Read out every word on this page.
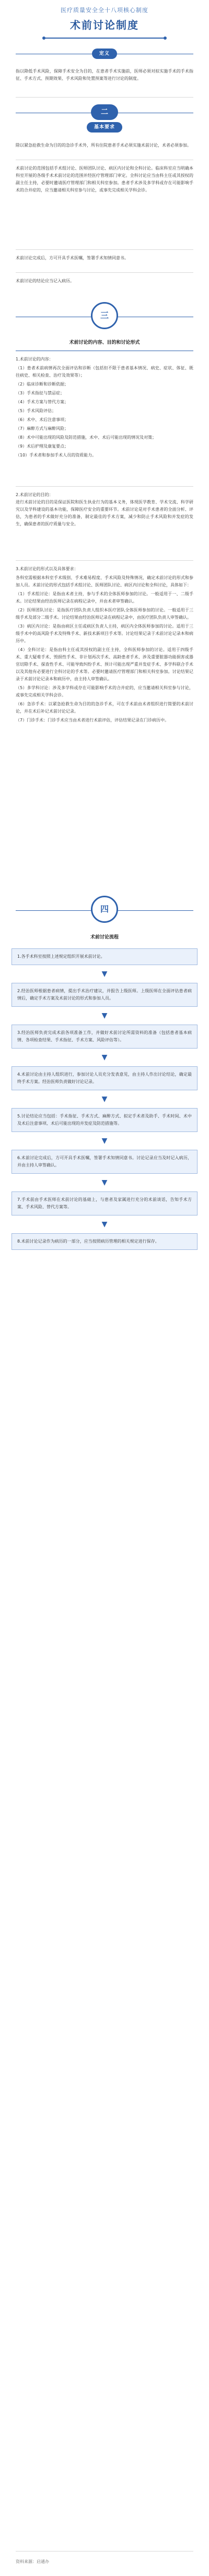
医疗质量安全全十八项核心制度
术前讨论制度
定义
指以降低手术风险，保障手术安全为目的，在患者手术实施前，医师必须对拟实施手术的手术指征、手术方式、预期效果、手术风险和处置预案等进行讨论的制度。
二
基本要求
除以紧急抢救生命为目的的急诊手术外，所有住院患者手术必须实施术前讨论，术者必须参加。
术前讨论的范围包括手术组讨论、医师团队讨论、病区内讨论和全科讨论。临床科室应当明确本科室开展的各级手术术前讨论的范围并经医疗管理部门审定。全科讨论应当由科主任或其授权的副主任主持，必要时邀请医疗管理部门和相关科室参加。患者手术涉及多学科或存在可能影响手术的合并症的，应当邀请相关科室参与讨论，或事先完成相关学科会诊。
术前讨论完成后，方可开具手术医嘱，签署手术知情同意书。
术前讨论的结论应当记入病历。
三
术前讨论的内容、目的和讨论形式

1.术前讨论的内容：

（1）患者术前病情再次全面评估和诊断（包括但不限于患者基本情况、病史、症状、体征、既往病史、相关检查、治疗及效果等）；

（2）临床诊断和诊断依据；

（3）手术指征与禁忌症；

（4）手术方案与替代方案；

（5）手术风险评估；

（6）术中、术后注意事项；

（7）麻醉方式与麻醉风险；

（8）术中可能出现的风险及防范措施，术中、术后可能出现的情况及对策；

（9）术后护理及康复要点；

（10）手术者和参加手术人员的资质能力。

2.术前讨论的目的：

进行术前讨论的目的是保证医院和医生执业行为的基本义务，体现医学教育、学术交流、科学研究以及学科建设的基本功能，保障医疗安全的重要环节。术前讨论是对手术患者的全面分析、评估，为患者的手术做好充分的准备，制定最佳的手术方案，减少和防止手术风险和并发症的发生，确保患者的医疗质量与安全。

3.术前讨论的形式以及具体要求：

各科室需根据本科室手术级别、手术难易程度、手术风险及特殊情况，确定术前讨论的形式和参加人员。术前讨论的形式包括手术组讨论、医师团队讨论、病区内讨论和全科讨论，具体如下：

（1）手术组讨论：是指由术者主持，参与手术的全体医师参加的讨论。一般适用于一、二级手术。讨论结果由经治医师记录在病程记录中，并由术者审签确认。

（2）医师团队讨论：是指医疗团队负责人组织本医疗团队全体医师参加的讨论。一般适用于三级手术及部分二级手术。讨论结果由经治医师记录在病程记录中，由医疗团队负责人审签确认。

（3）病区内讨论：是指由病区主任或病区负责人主持，病区内全体医师参加的讨论。适用于三级手术中的高风险手术及特殊手术、新技术新项目手术等。讨论结果记录于术前讨论记录本和病历中。

（4）全科讨论：是指由科主任或其授权的副主任主持，全科医师参加的讨论。适用于四级手术、重大疑难手术、毁损性手术、非计划再次手术、高龄患者手术、涉及重要脏器功能损害或器官切除手术、探查性手术、可能导致纠纷手术、预计可能出现严重并发症手术、多学科联合手术以及其他有必要进行全科讨论的手术等。必要时邀请医疗管理部门和相关科室参加。讨论结果记录于术前讨论记录本和病历中，由主持人审签确认。

（5）多学科讨论：涉及多学科或存在可能影响手术的合并症的，应当邀请相关科室参与讨论，或事先完成相关学科会诊。

（6）急诊手术：以紧急抢救生命为目的的急诊手术，可在手术前由术者组织进行简要的术前讨论，并在术后补记术前讨论记录。

（7）门诊手术：门诊手术应当由术者进行术前评估，评估结果记录在门诊病历中。

四
术前讨论流程
1.各手术科室按照上述规定组织开展术前讨论。
▼
2.经治医师根据患者病情，提出手术治疗建议，并报告上级医师。上级医师在全面评估患者病情后，确定手术方案及术前讨论的形式和参加人员。
▼
3.经治医师负责完成术前各项准备工作，并做好术前讨论所需资料的准备（包括患者基本病情、各项检查结果、手术指征、手术方案、风险评估等）。
▼
4.术前讨论由主持人组织进行，参加讨论人员充分发表意见，由主持人作出讨论结论，确定最终手术方案。经治医师负责做好讨论记录。
▼
5.讨论结论应当包括：手术指征、手术方式、麻醉方式、拟定手术者及助手、手术时间、术中及术后注意事项、术后可能出现的并发症及防范措施等。
▼
6.术前讨论完成后，方可开具手术医嘱，签署手术知情同意书。讨论记录应当及时记入病历，并由主持人审签确认。
▼
7.手术前由手术医师在术前讨论的基础上，与患者及家属进行充分的术前谈话，告知手术方案、手术风险、替代方案等。
▼
8.术前讨论记录作为病历的一部分，应当按照病历管理的相关规定进行保存。
资料来源：启通办
